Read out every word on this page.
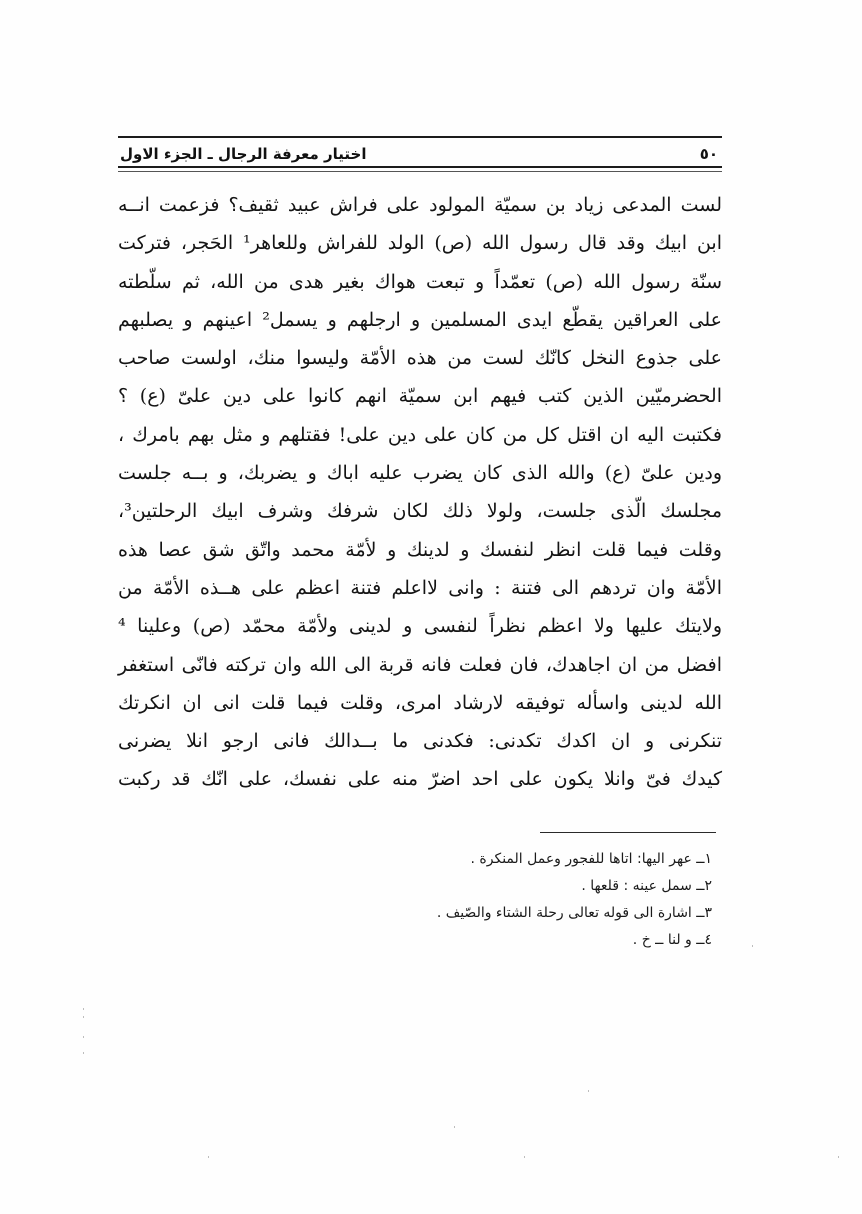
اختيار معرفة الرجال ـ الجزء الاول	٥٠
لست المدعى زياد بن سميّة المولود على فراش عبيد ثقيف؟ فزعمت انــه
ابن ابيك وقد قال رسول الله (ص) الولد للفراش وللعاهر¹ الحَجر، فتركت
سنّة رسول الله (ص) تعمّداً و تبعت هواك بغير هدى من الله، ثم سلّطته
على العراقين يقطّع ايدى المسلمين و ارجلهم و يسمل² اعينهم و يصلبهم
على جذوع النخل كانّك لست من هذه الأمّة وليسوا منك، اولست صاحب
الحضرميّين الذين كتب فيهم ابن سميّة انهم كانوا على دين علىّ (ع) ؟
فكتبت اليه ان اقتل كل من كان على دين على! فقتلهم و مثل بهم بامرك ،
ودين علىّ (ع) والله الذى كان يضرب عليه اباك و يضربك، و بــه جلست
مجلسك الّذى جلست، ولولا ذلك لكان شرفك وشرف ابيك الرحلتين³،
وقلت فيما قلت انظر لنفسك و لدينك و لأمّة محمد واتّق شق عصا هذه
الأمّة وان تردهم الى فتنة : وانى لااعلم فتنة اعظم على هــذه الأمّة من
ولايتك عليها ولا اعظم نظراً لنفسى و لدينى ولأمّة محمّد (ص) وعلينا ⁴
افضل من ان اجاهدك، فان فعلت فانه قربة الى الله وان تركته فانّى استغفر
الله لدينى واسأله توفيقه لارشاد امرى، وقلت فيما قلت انى ان انكرتك
تنكرنى و ان اكدك تكدنى: فكدنى ما بــدالك فانى ارجو انلا يضرنى
كيدك فىّ وانلا يكون على احد اضرّ منه على نفسك، على انّك قد ركبت
١ــ عهر اليها: اتاها للفجور وعمل المنكرة .
٢ــ سمل عينه : قلعها .
٣ــ اشارة الى قوله تعالى رحلة الشتاء والصّيف .
٤ــ و لنا ــ خ .
